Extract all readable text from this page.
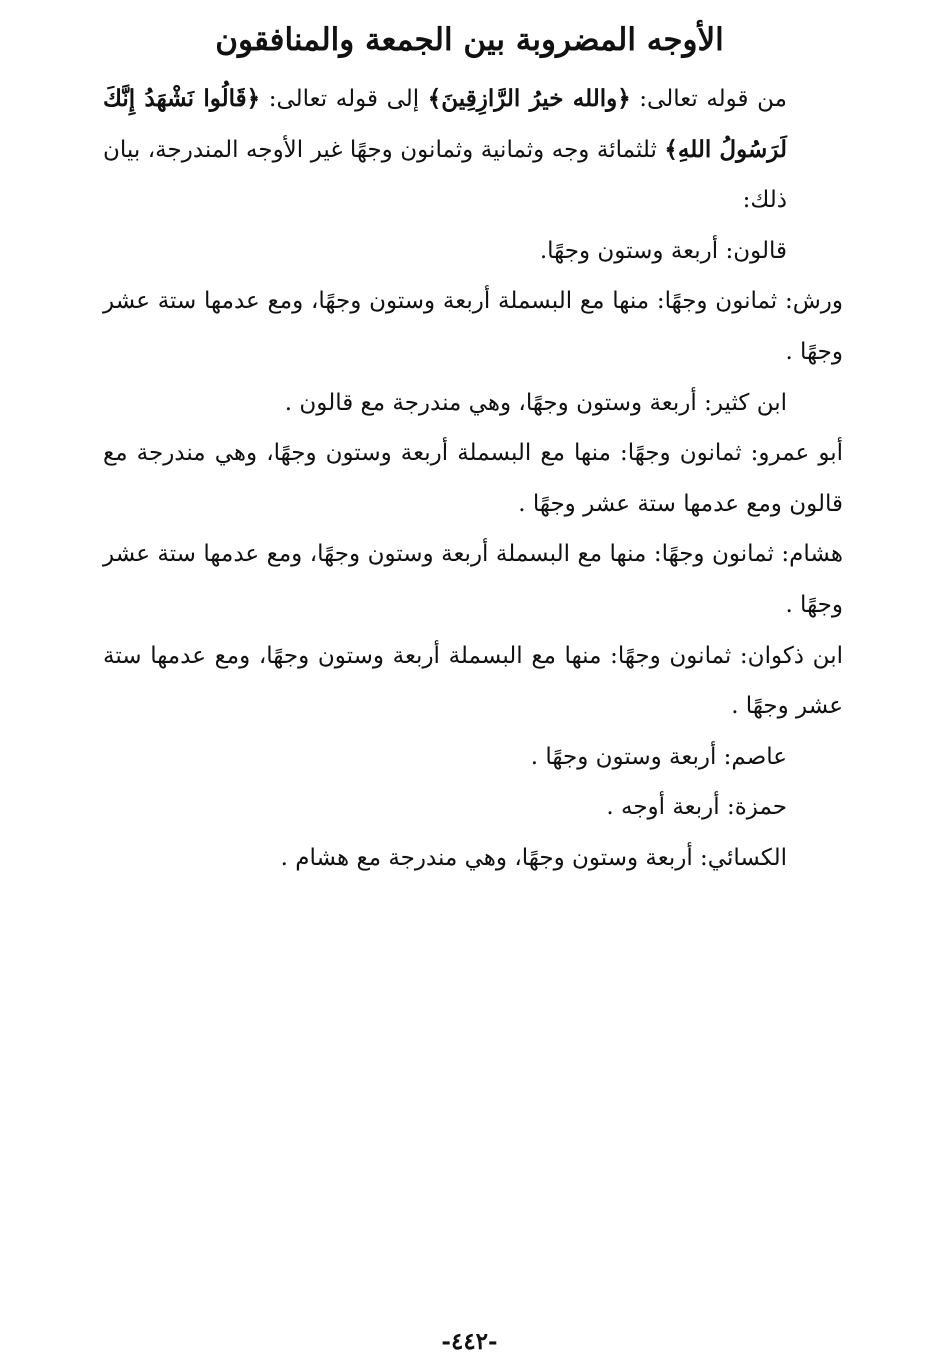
الأوجه المضروبة بين الجمعة والمنافقون

من قوله تعالى: ﴿والله خيرُ الرَّازِقِينَ﴾ إلى قوله تعالى: ﴿قَالُوا نَشْهَدُ إِنَّكَ لَرَسُولُ اللهِ﴾ ثلثمائة وجه وثمانية وثمانون وجهًا غير الأوجه المندرجة، بيان ذلك:

قالون: أربعة وستون وجهًا.

ورش: ثمانون وجهًا: منها مع البسملة أربعة وستون وجهًا، ومع عدمها ستة عشر وجهًا .

ابن كثير: أربعة وستون وجهًا، وهي مندرجة مع قالون .

أبو عمرو: ثمانون وجهًا: منها مع البسملة أربعة وستون وجهًا، وهي مندرجة مع قالون ومع عدمها ستة عشر وجهًا .

هشام: ثمانون وجهًا: منها مع البسملة أربعة وستون وجهًا، ومع عدمها ستة عشر وجهًا .

ابن ذكوان: ثمانون وجهًا: منها مع البسملة أربعة وستون وجهًا، ومع عدمها ستة عشر وجهًا .

عاصم: أربعة وستون وجهًا .

حمزة: أربعة أوجه .

الكسائي: أربعة وستون وجهًا، وهي مندرجة مع هشام .

-٤٤٢-
